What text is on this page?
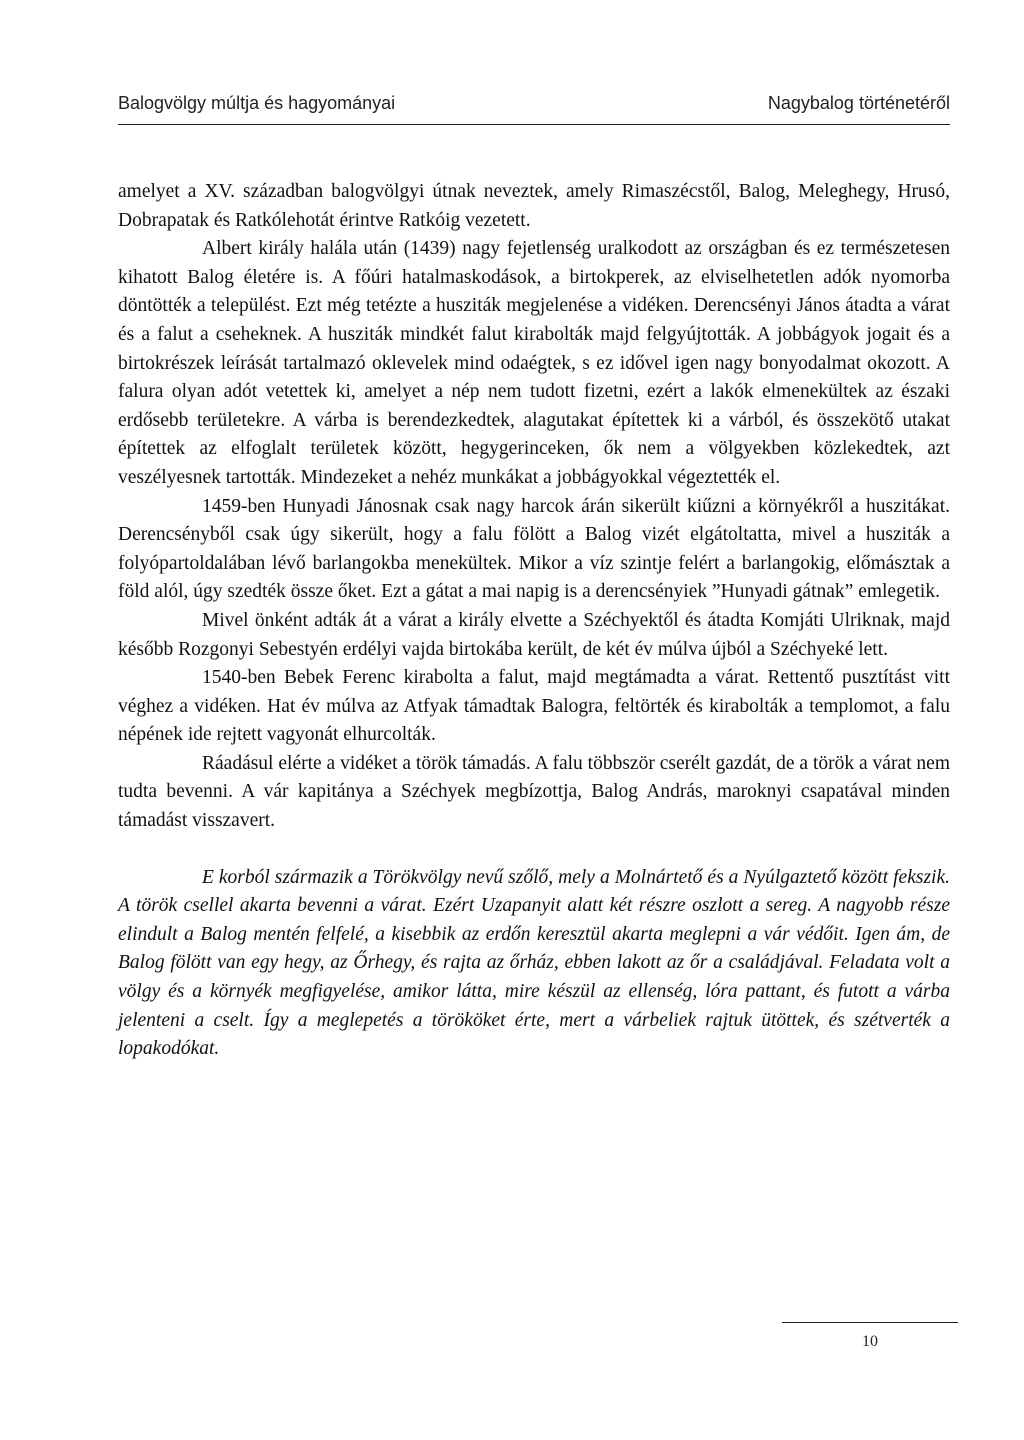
Balogvölgy múltja és hagyományai	Nagybalog történetéről

amelyet a XV. században balogvölgyi útnak neveztek, amely Rimaszécstől, Balog, Meleghegy, Hrusó, Dobrapatak és Ratkólehotát érintve Ratkóig vezetett.

Albert király halála után (1439) nagy fejetlenség uralkodott az országban és ez természetesen kihatott Balog életére is. A főúri hatalmaskodások, a birtokperek, az elviselhetetlen adók nyomorba döntötték a települést. Ezt még tetézte a husziták megjelenése a vidéken. Derencsényi János átadta a várat és a falut a cseheknek. A husziták mindkét falut kirabolták majd felgyújtották. A jobbágyok jogait és a birtokrészek leírását tartalmazó oklevelek mind odaégtek, s ez idővel igen nagy bonyodalmat okozott. A falura olyan adót vetettek ki, amelyet a nép nem tudott fizetni, ezért a lakók elmenekültek az északi erdősebb területekre. A várba is berendezkedtek, alagutakat építettek ki a várból, és összekötő utakat építettek az elfoglalt területek között, hegygerinceken, ők nem a völgyekben közlekedtek, azt veszélyesnek tartották. Mindezeket a nehéz munkákat a jobbágyokkal végeztették el.

1459-ben Hunyadi Jánosnak csak nagy harcok árán sikerült kiűzni a környékről a huszitákat. Derencsényből csak úgy sikerült, hogy a falu fölött a Balog vizét elgátoltatta, mivel a husziták a folyópartoldalában lévő barlangokba menekültek. Mikor a víz szintje felért a barlangokig, előmásztak a föld alól, úgy szedték össze őket. Ezt a gátat a mai napig is a derencsényiek ”Hunyadi gátnak” emlegetik.

Mivel önként adták át a várat a király elvette a Széchyektől és átadta Komjáti Ulriknak, majd később Rozgonyi Sebestyén erdélyi vajda birtokába került, de két év múlva újból a Széchyeké lett.

1540-ben Bebek Ferenc kirabolta a falut, majd megtámadta a várat. Rettentő pusztítást vitt véghez a vidéken. Hat év múlva az Atfyak támadtak Balogra, feltörték és kirabolták a templomot, a falu népének ide rejtett vagyonát elhurcolták.

Ráadásul elérte a vidéket a török támadás. A falu többször cserélt gazdát, de a török a várat nem tudta bevenni. A vár kapitánya a Széchyek megbízottja, Balog András, maroknyi csapatával minden támadást visszavert.

E korból származik a Törökvölgy nevű szőlő, mely a Molnártető és a Nyúlgaztető között fekszik. A török csellel akarta bevenni a várat. Ezért Uzapanyit alatt két részre oszlott a sereg. A nagyobb része elindult a Balog mentén felfelé, a kisebbik az erdőn keresztül akarta meglepni a vár védőit. Igen ám, de Balog fölött van egy hegy, az Őrhegy, és rajta az őrház, ebben lakott az őr a családjával. Feladata volt a völgy és a környék megfigyelése, amikor látta, mire készül az ellenség, lóra pattant, és futott a várba jelenteni a cselt. Így a meglepetés a törököket érte, mert a várbeliek rajtuk ütöttek, és szétverték a lopakodókat.

10
